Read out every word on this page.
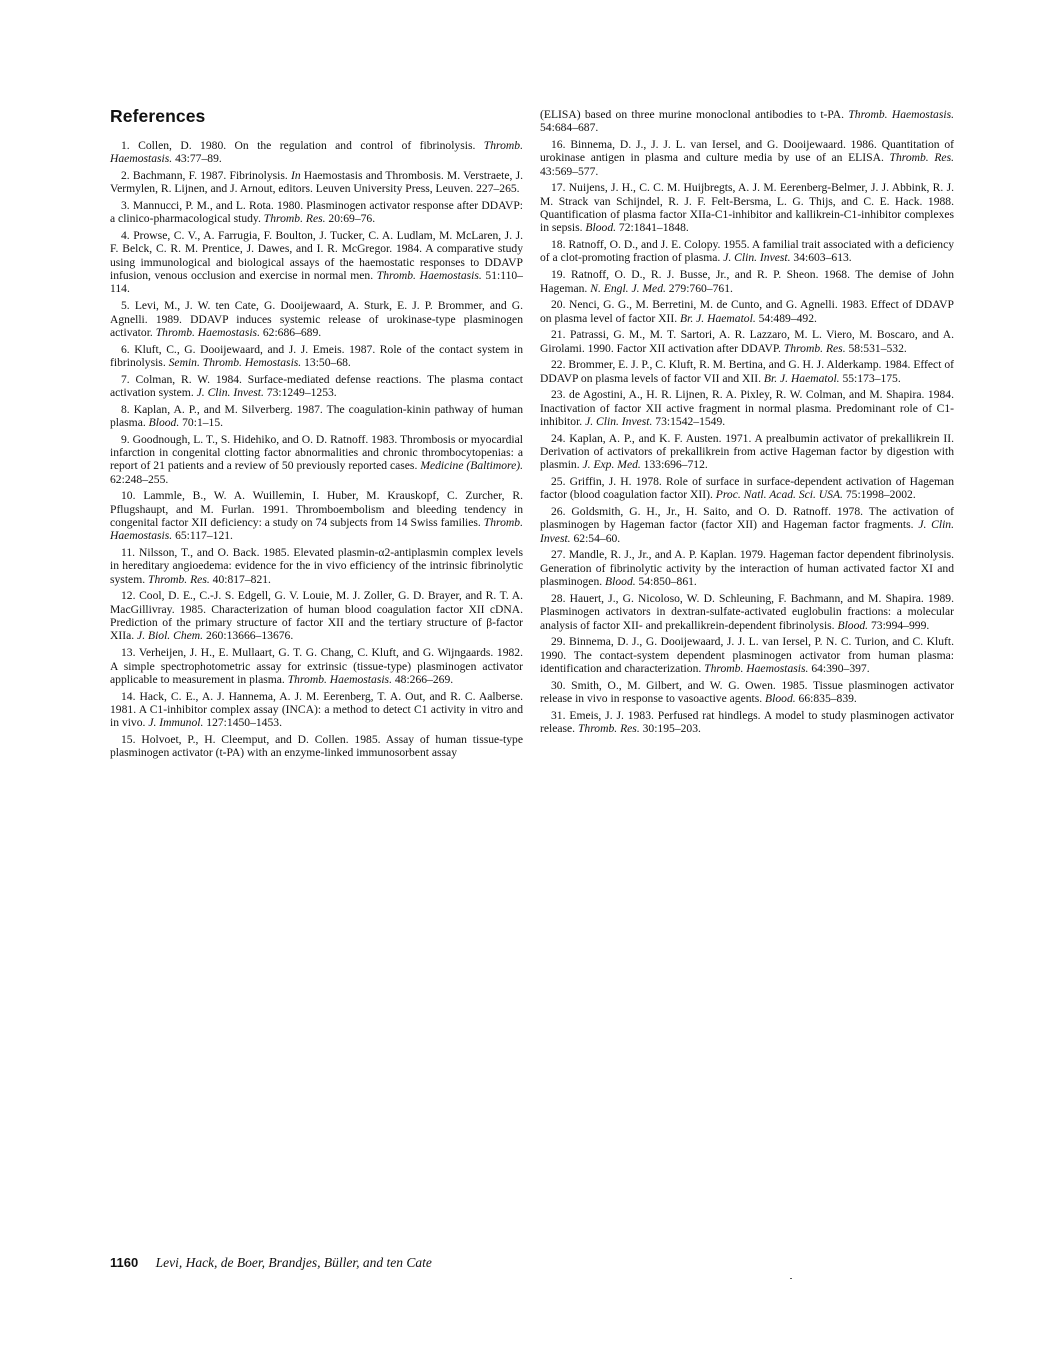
References

1. Collen, D. 1980. On the regulation and control of fibrinolysis. Thromb. Haemostasis. 43:77–89.

2. Bachmann, F. 1987. Fibrinolysis. In Haemostasis and Thrombosis. M. Verstraete, J. Vermylen, R. Lijnen, and J. Arnout, editors. Leuven University Press, Leuven. 227–265.

3. Mannucci, P. M., and L. Rota. 1980. Plasminogen activator response after DDAVP: a clinico-pharmacological study. Thromb. Res. 20:69–76.

4. Prowse, C. V., A. Farrugia, F. Boulton, J. Tucker, C. A. Ludlam, M. McLaren, J. J. F. Belck, C. R. M. Prentice, J. Dawes, and I. R. McGregor. 1984. A comparative study using immunological and biological assays of the haemostatic responses to DDAVP infusion, venous occlusion and exercise in normal men. Thromb. Haemostasis. 51:110–114.

5. Levi, M., J. W. ten Cate, G. Dooijewaard, A. Sturk, E. J. P. Brommer, and G. Agnelli. 1989. DDAVP induces systemic release of urokinase-type plasminogen activator. Thromb. Haemostasis. 62:686–689.

6. Kluft, C., G. Dooijewaard, and J. J. Emeis. 1987. Role of the contact system in fibrinolysis. Semin. Thromb. Hemostasis. 13:50–68.

7. Colman, R. W. 1984. Surface-mediated defense reactions. The plasma contact activation system. J. Clin. Invest. 73:1249–1253.

8. Kaplan, A. P., and M. Silverberg. 1987. The coagulation-kinin pathway of human plasma. Blood. 70:1–15.

9. Goodnough, L. T., S. Hidehiko, and O. D. Ratnoff. 1983. Thrombosis or myocardial infarction in congenital clotting factor abnormalities and chronic thrombocytopenias: a report of 21 patients and a review of 50 previously reported cases. Medicine (Baltimore). 62:248–255.

10. Lammle, B., W. A. Wuillemin, I. Huber, M. Krauskopf, C. Zurcher, R. Pflugshaupt, and M. Furlan. 1991. Thromboembolism and bleeding tendency in congenital factor XII deficiency: a study on 74 subjects from 14 Swiss families. Thromb. Haemostasis. 65:117–121.

11. Nilsson, T., and O. Back. 1985. Elevated plasmin-α2-antiplasmin complex levels in hereditary angioedema: evidence for the in vivo efficiency of the intrinsic fibrinolytic system. Thromb. Res. 40:817–821.

12. Cool, D. E., C.-J. S. Edgell, G. V. Louie, M. J. Zoller, G. D. Brayer, and R. T. A. MacGillivray. 1985. Characterization of human blood coagulation factor XII cDNA. Prediction of the primary structure of factor XII and the tertiary structure of β-factor XIIa. J. Biol. Chem. 260:13666–13676.

13. Verheijen, J. H., E. Mullaart, G. T. G. Chang, C. Kluft, and G. Wijngaards. 1982. A simple spectrophotometric assay for extrinsic (tissue-type) plasminogen activator applicable to measurement in plasma. Thromb. Haemostasis. 48:266–269.

14. Hack, C. E., A. J. Hannema, A. J. M. Eerenberg, T. A. Out, and R. C. Aalberse. 1981. A C1-inhibitor complex assay (INCA): a method to detect C1 activity in vitro and in vivo. J. Immunol. 127:1450–1453.

15. Holvoet, P., H. Cleemput, and D. Collen. 1985. Assay of human tissue-type plasminogen activator (t-PA) with an enzyme-linked immunosorbent assay

(ELISA) based on three murine monoclonal antibodies to t-PA. Thromb. Haemostasis. 54:684–687.

16. Binnema, D. J., J. J. L. van Iersel, and G. Dooijewaard. 1986. Quantitation of urokinase antigen in plasma and culture media by use of an ELISA. Thromb. Res. 43:569–577.

17. Nuijens, J. H., C. C. M. Huijbregts, A. J. M. Eerenberg-Belmer, J. J. Abbink, R. J. M. Strack van Schijndel, R. J. F. Felt-Bersma, L. G. Thijs, and C. E. Hack. 1988. Quantification of plasma factor XIIa-C1-inhibitor and kallikrein-C1-inhibitor complexes in sepsis. Blood. 72:1841–1848.

18. Ratnoff, O. D., and J. E. Colopy. 1955. A familial trait associated with a deficiency of a clot-promoting fraction of plasma. J. Clin. Invest. 34:603–613.

19. Ratnoff, O. D., R. J. Busse, Jr., and R. P. Sheon. 1968. The demise of John Hageman. N. Engl. J. Med. 279:760–761.

20. Nenci, G. G., M. Berretini, M. de Cunto, and G. Agnelli. 1983. Effect of DDAVP on plasma level of factor XII. Br. J. Haematol. 54:489–492.

21. Patrassi, G. M., M. T. Sartori, A. R. Lazzaro, M. L. Viero, M. Boscaro, and A. Girolami. 1990. Factor XII activation after DDAVP. Thromb. Res. 58:531–532.

22. Brommer, E. J. P., C. Kluft, R. M. Bertina, and G. H. J. Alderkamp. 1984. Effect of DDAVP on plasma levels of factor VII and XII. Br. J. Haematol. 55:173–175.

23. de Agostini, A., H. R. Lijnen, R. A. Pixley, R. W. Colman, and M. Shapira. 1984. Inactivation of factor XII active fragment in normal plasma. Predominant role of C1-inhibitor. J. Clin. Invest. 73:1542–1549.

24. Kaplan, A. P., and K. F. Austen. 1971. A prealbumin activator of prekallikrein II. Derivation of activators of prekallikrein from active Hageman factor by digestion with plasmin. J. Exp. Med. 133:696–712.

25. Griffin, J. H. 1978. Role of surface in surface-dependent activation of Hageman factor (blood coagulation factor XII). Proc. Natl. Acad. Sci. USA. 75:1998–2002.

26. Goldsmith, G. H., Jr., H. Saito, and O. D. Ratnoff. 1978. The activation of plasminogen by Hageman factor (factor XII) and Hageman factor fragments. J. Clin. Invest. 62:54–60.

27. Mandle, R. J., Jr., and A. P. Kaplan. 1979. Hageman factor dependent fibrinolysis. Generation of fibrinolytic activity by the interaction of human activated factor XI and plasminogen. Blood. 54:850–861.

28. Hauert, J., G. Nicoloso, W. D. Schleuning, F. Bachmann, and M. Shapira. 1989. Plasminogen activators in dextran-sulfate-activated euglobulin fractions: a molecular analysis of factor XII- and prekallikrein-dependent fibrinolysis. Blood. 73:994–999.

29. Binnema, D. J., G. Dooijewaard, J. J. L. van Iersel, P. N. C. Turion, and C. Kluft. 1990. The contact-system dependent plasminogen activator from human plasma: identification and characterization. Thromb. Haemostasis. 64:390–397.

30. Smith, O., M. Gilbert, and W. G. Owen. 1985. Tissue plasminogen activator release in vivo in response to vasoactive agents. Blood. 66:835–839.

31. Emeis, J. J. 1983. Perfused rat hindlegs. A model to study plasminogen activator release. Thromb. Res. 30:195–203.

1160 Levi, Hack, de Boer, Brandjes, Büller, and ten Cate
